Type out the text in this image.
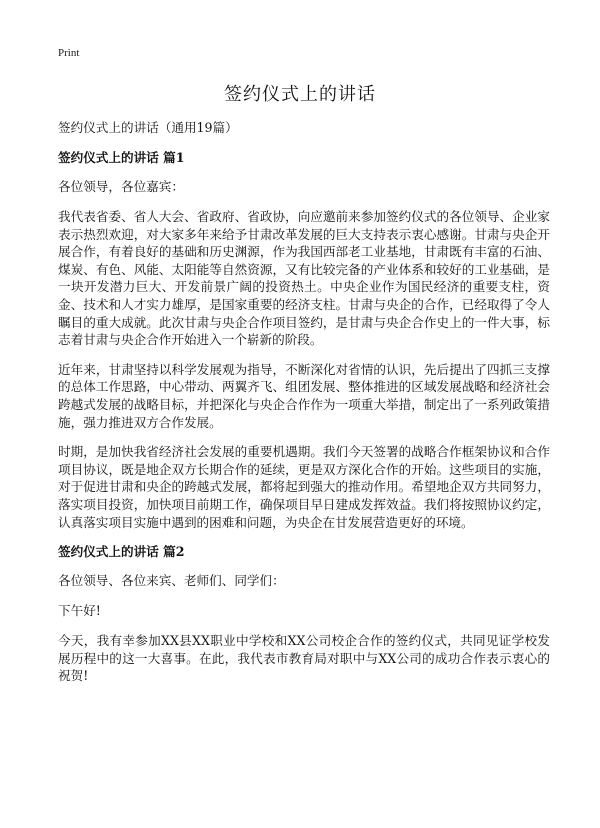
Print
签约仪式上的讲话

签约仪式上的讲话（通用19篇）

签约仪式上的讲话 篇1

各位领导，各位嘉宾：

我代表省委、省人大会、省政府、省政协，向应邀前来参加签约仪式的各位领导、企业家表示热烈欢迎，对大家多年来给予甘肃改革发展的巨大支持表示衷心感谢。甘肃与央企开展合作，有着良好的基础和历史渊源，作为我国西部老工业基地，甘肃既有丰富的石油、煤炭、有色、风能、太阳能等自然资源，又有比较完备的产业体系和较好的工业基础，是一块开发潜力巨大、开发前景广阔的投资热土。中央企业作为国民经济的重要支柱，资金、技术和人才实力雄厚，是国家重要的经济支柱。甘肃与央企的合作，已经取得了令人瞩目的重大成就。此次甘肃与央企合作项目签约，是甘肃与央企合作史上的一件大事，标志着甘肃与央企合作开始进入一个崭新的阶段。

近年来，甘肃坚持以科学发展观为指导，不断深化对省情的认识，先后提出了四抓三支撑的总体工作思路，中心带动、两翼齐飞、组团发展、整体推进的区域发展战略和经济社会跨越式发展的战略目标，并把深化与央企合作作为一项重大举措，制定出了一系列政策措施，强力推进双方合作发展。

时期，是加快我省经济社会发展的重要机遇期。我们今天签署的战略合作框架协议和合作项目协议，既是地企双方长期合作的延续，更是双方深化合作的开始。这些项目的实施，对于促进甘肃和央企的跨越式发展，都将起到强大的推动作用。希望地企双方共同努力，落实项目投资，加快项目前期工作，确保项目早日建成发挥效益。我们将按照协议约定，认真落实项目实施中遇到的困难和问题，为央企在甘发展营造更好的环境。

签约仪式上的讲话 篇2

各位领导、各位来宾、老师们、同学们：

下午好!

今天，我有幸参加XX县XX职业中学校和XX公司校企合作的签约仪式，共同见证学校发展历程中的这一大喜事。在此，我代表市教育局对职中与XX公司的成功合作表示衷心的祝贺!
